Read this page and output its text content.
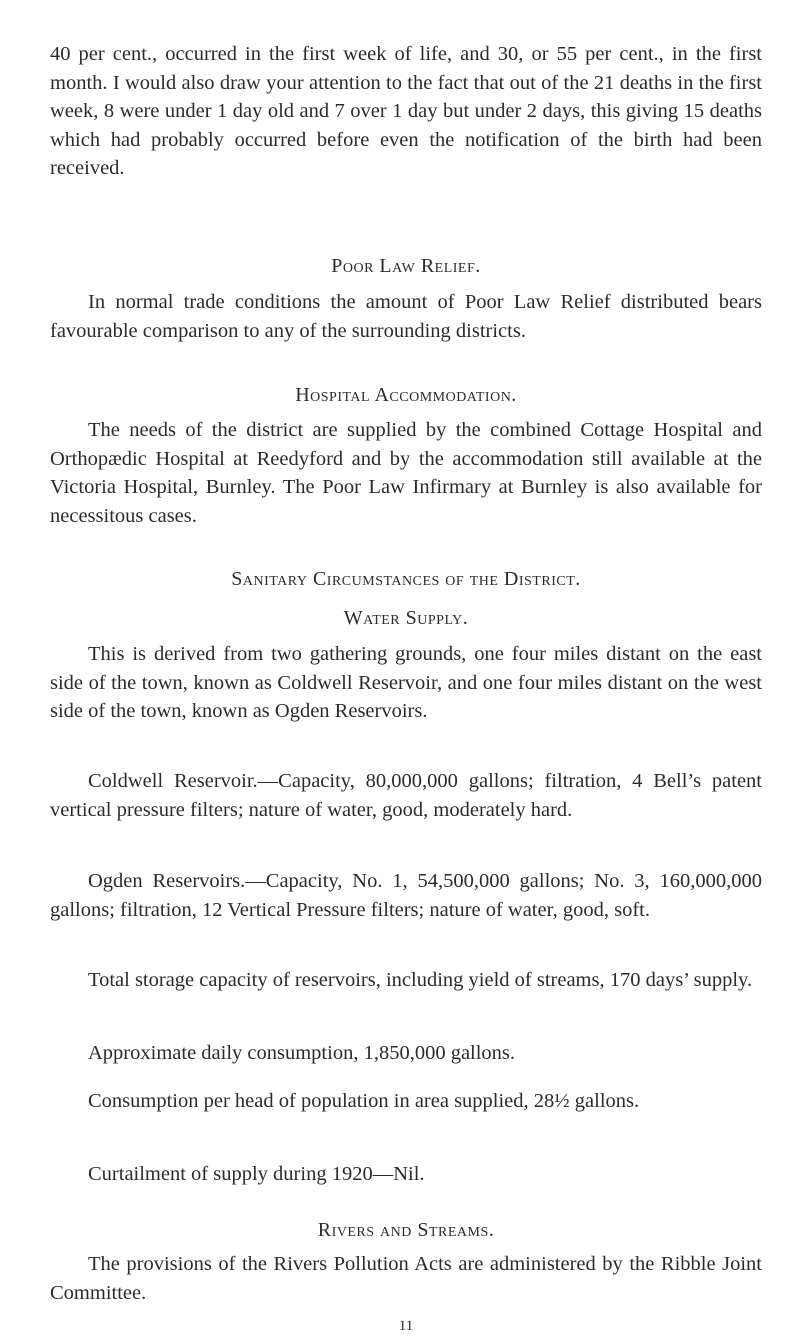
40 per cent., occurred in the first week of life, and 30, or 55 per cent., in the first month. I would also draw your attention to the fact that out of the 21 deaths in the first week, 8 were under 1 day old and 7 over 1 day but under 2 days, this giving 15 deaths which had probably occurred before even the notification of the birth had been received.

Poor Law Relief.

In normal trade conditions the amount of Poor Law Relief distributed bears favourable comparison to any of the surrounding districts.

Hospital Accommodation.

The needs of the district are supplied by the combined Cottage Hospital and Orthopædic Hospital at Reedyford and by the accommodation still available at the Victoria Hospital, Burnley. The Poor Law Infirmary at Burnley is also available for necessitous cases.

Sanitary Circumstances of the District.
Water Supply.

This is derived from two gathering grounds, one four miles distant on the east side of the town, known as Coldwell Reservoir, and one four miles distant on the west side of the town, known as Ogden Reservoirs.

Coldwell Reservoir.—Capacity, 80,000,000 gallons; filtration, 4 Bell’s patent vertical pressure filters; nature of water, good, moderately hard.

Ogden Reservoirs.—Capacity, No. 1, 54,500,000 gallons; No. 3, 160,000,000 gallons; filtration, 12 Vertical Pressure filters; nature of water, good, soft.

Total storage capacity of reservoirs, including yield of streams, 170 days’ supply.

Approximate daily consumption, 1,850,000 gallons.

Consumption per head of population in area supplied, 28½ gallons.

Curtailment of supply during 1920—Nil.

Rivers and Streams.

The provisions of the Rivers Pollution Acts are administered by the Ribble Joint Committee.

11
